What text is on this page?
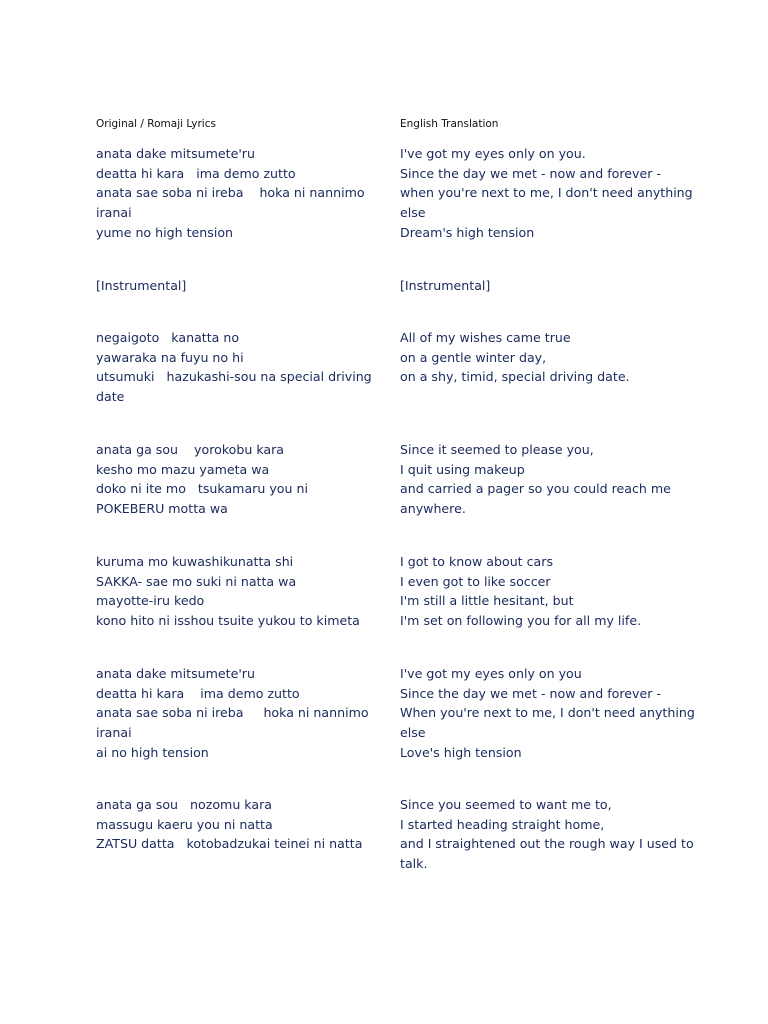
Original / Romaji Lyrics
anata dake mitsumete'ru
deatta hi kara   ima demo zutto
anata sae soba ni ireba    hoka ni nannimo iranai
yume no high tension
[Instrumental]
negaigoto   kanatta no
yawaraka na fuyu no hi
utsumuki   hazukashi-sou na special driving date
anata ga sou    yorokobu kara
kesho mo mazu yameta wa
doko ni ite mo   tsukamaru you ni   POKEBERU motta wa
kuruma mo kuwashikunatta shi
SAKKA- sae mo suki ni natta wa
mayotte-iru kedo
kono hito ni isshou tsuite yukou to kimeta
anata dake mitsumete'ru
deatta hi kara    ima demo zutto
anata sae soba ni ireba     hoka ni nannimo iranai
ai no high tension
anata ga sou   nozomu kara
massugu kaeru you ni natta
ZATSU datta   kotobadzukai teinei ni natta
English Translation
I've got my eyes only on you.
Since the day we met - now and forever -
when you're next to me, I don't need anything else
Dream's high tension
[Instrumental]
All of my wishes came true
on a gentle winter day,
on a shy, timid, special driving date.
Since it seemed to please you,
I quit using makeup
and carried a pager so you could reach me anywhere.
I got to know about cars
I even got to like soccer
I'm still a little hesitant, but
I'm set on following you for all my life.
I've got my eyes only on you
Since the day we met - now and forever -
When you're next to me, I don't need anything else
Love's high tension
Since you seemed to want me to,
I started heading straight home,
and I straightened out the rough way I used to talk.
